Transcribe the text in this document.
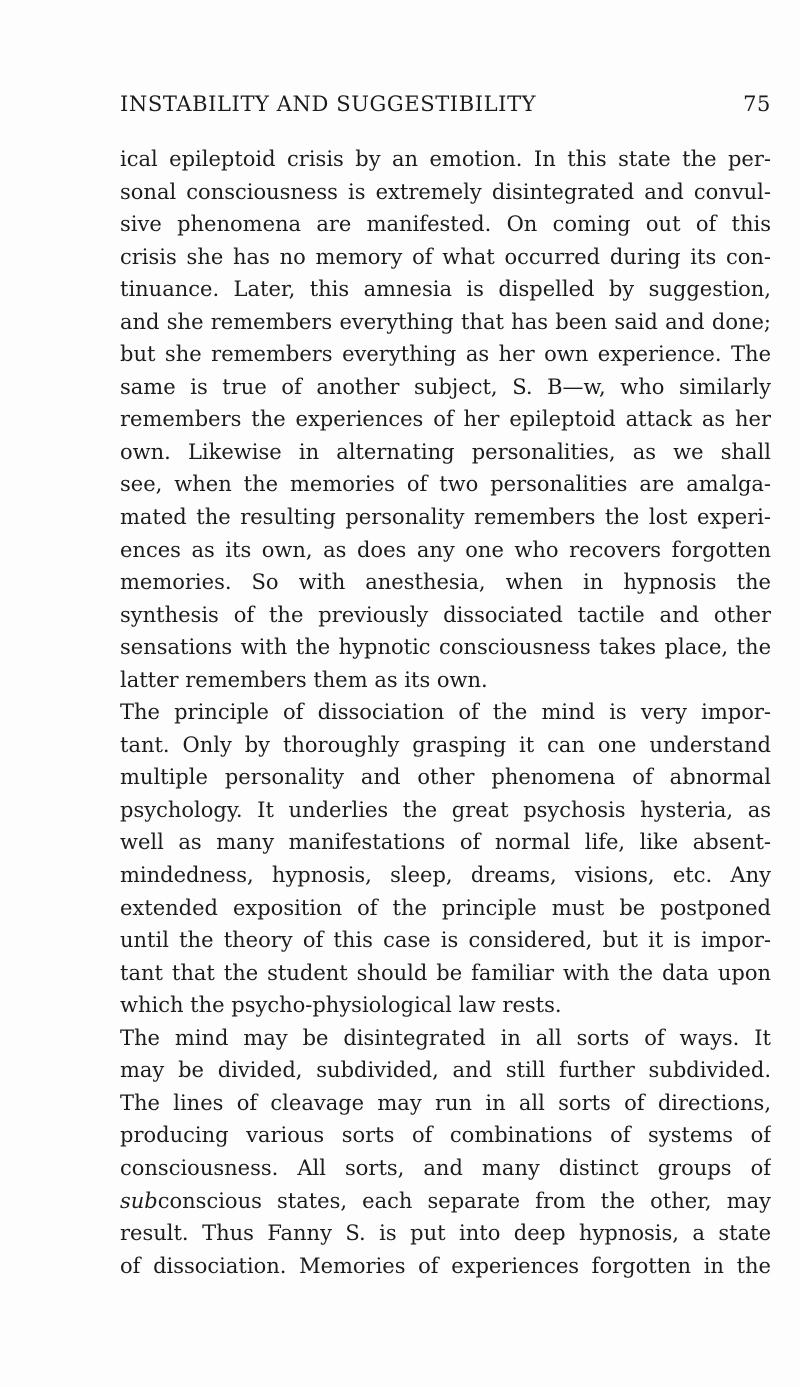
INSTABILITY AND SUGGESTIBILITY	75
ical epileptoid crisis by an emotion. In this state the per-
sonal consciousness is extremely disintegrated and convul-
sive phenomena are manifested. On coming out of this
crisis she has no memory of what occurred during its con-
tinuance. Later, this amnesia is dispelled by suggestion,
and she remembers everything that has been said and done;
but she remembers everything as her own experience. The
same is true of another subject, S. B—w, who similarly
remembers the experiences of her epileptoid attack as her
own. Likewise in alternating personalities, as we shall
see, when the memories of two personalities are amalga-
mated the resulting personality remembers the lost experi-
ences as its own, as does any one who recovers forgotten
memories. So with anesthesia, when in hypnosis the
synthesis of the previously dissociated tactile and other
sensations with the hypnotic consciousness takes place, the
latter remembers them as its own.
The principle of dissociation of the mind is very impor-
tant. Only by thoroughly grasping it can one understand
multiple personality and other phenomena of abnormal
psychology. It underlies the great psychosis hysteria, as
well as many manifestations of normal life, like absent-
mindedness, hypnosis, sleep, dreams, visions, etc. Any
extended exposition of the principle must be postponed
until the theory of this case is considered, but it is impor-
tant that the student should be familiar with the data upon
which the psycho-physiological law rests.
The mind may be disintegrated in all sorts of ways. It
may be divided, subdivided, and still further subdivided.
The lines of cleavage may run in all sorts of directions,
producing various sorts of combinations of systems of
consciousness. All sorts, and many distinct groups of
subconscious states, each separate from the other, may
result. Thus Fanny S. is put into deep hypnosis, a state
of dissociation. Memories of experiences forgotten in the
